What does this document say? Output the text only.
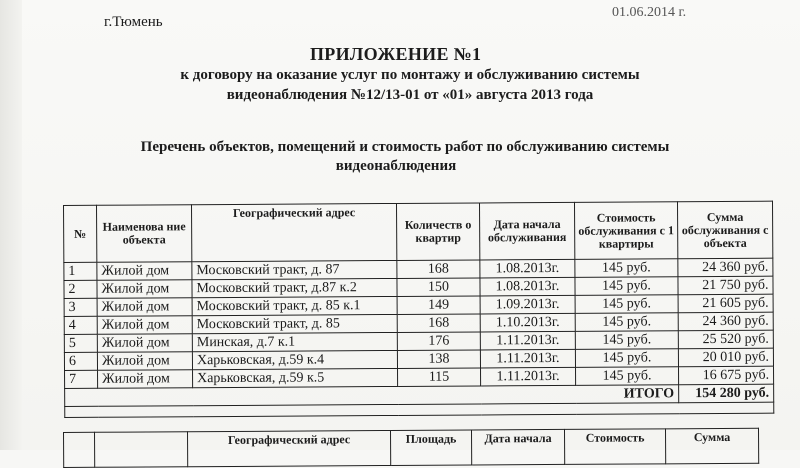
г.Тюмень
01.06.2014 г.
ПРИЛОЖЕНИЕ №1
к договору на оказание услуг по монтажу и обслуживанию системы
видеонаблюдения №12/13-01 от «01» августа 2013 года
Перечень объектов, помещений и стоимость работ по обслуживанию системы
видеонаблюдения
№	Наименова ние объекта	Географический адрес	Количеств о квартир	Дата начала обслуживания	Стоимость обслуживания с 1 квартиры	Сумма обслуживания с объекта
1	Жилой дом	Московский тракт, д. 87	168	1.08.2013г.	145 руб.	24 360 руб.
2	Жилой дом	Московский тракт, д.87 к.2	150	1.08.2013г.	145 руб.	21 750 руб.
3	Жилой дом	Московский тракт, д. 85 к.1	149	1.09.2013г.	145 руб.	21 605 руб.
4	Жилой дом	Московский тракт, д. 85	168	1.10.2013г.	145 руб.	24 360 руб.
5	Жилой дом	Минская, д.7 к.1	176	1.11.2013г.	145 руб.	25 520 руб.
6	Жилой дом	Харьковская, д.59 к.4	138	1.11.2013г.	145 руб.	20 010 руб.
7	Жилой дом	Харьковская, д.59 к.5	115	1.11.2013г.	145 руб.	16 675 руб.
ИТОГО						154 280 руб.

		Географический адрес	Площадь	Дата начала	Стоимость	Сумма
